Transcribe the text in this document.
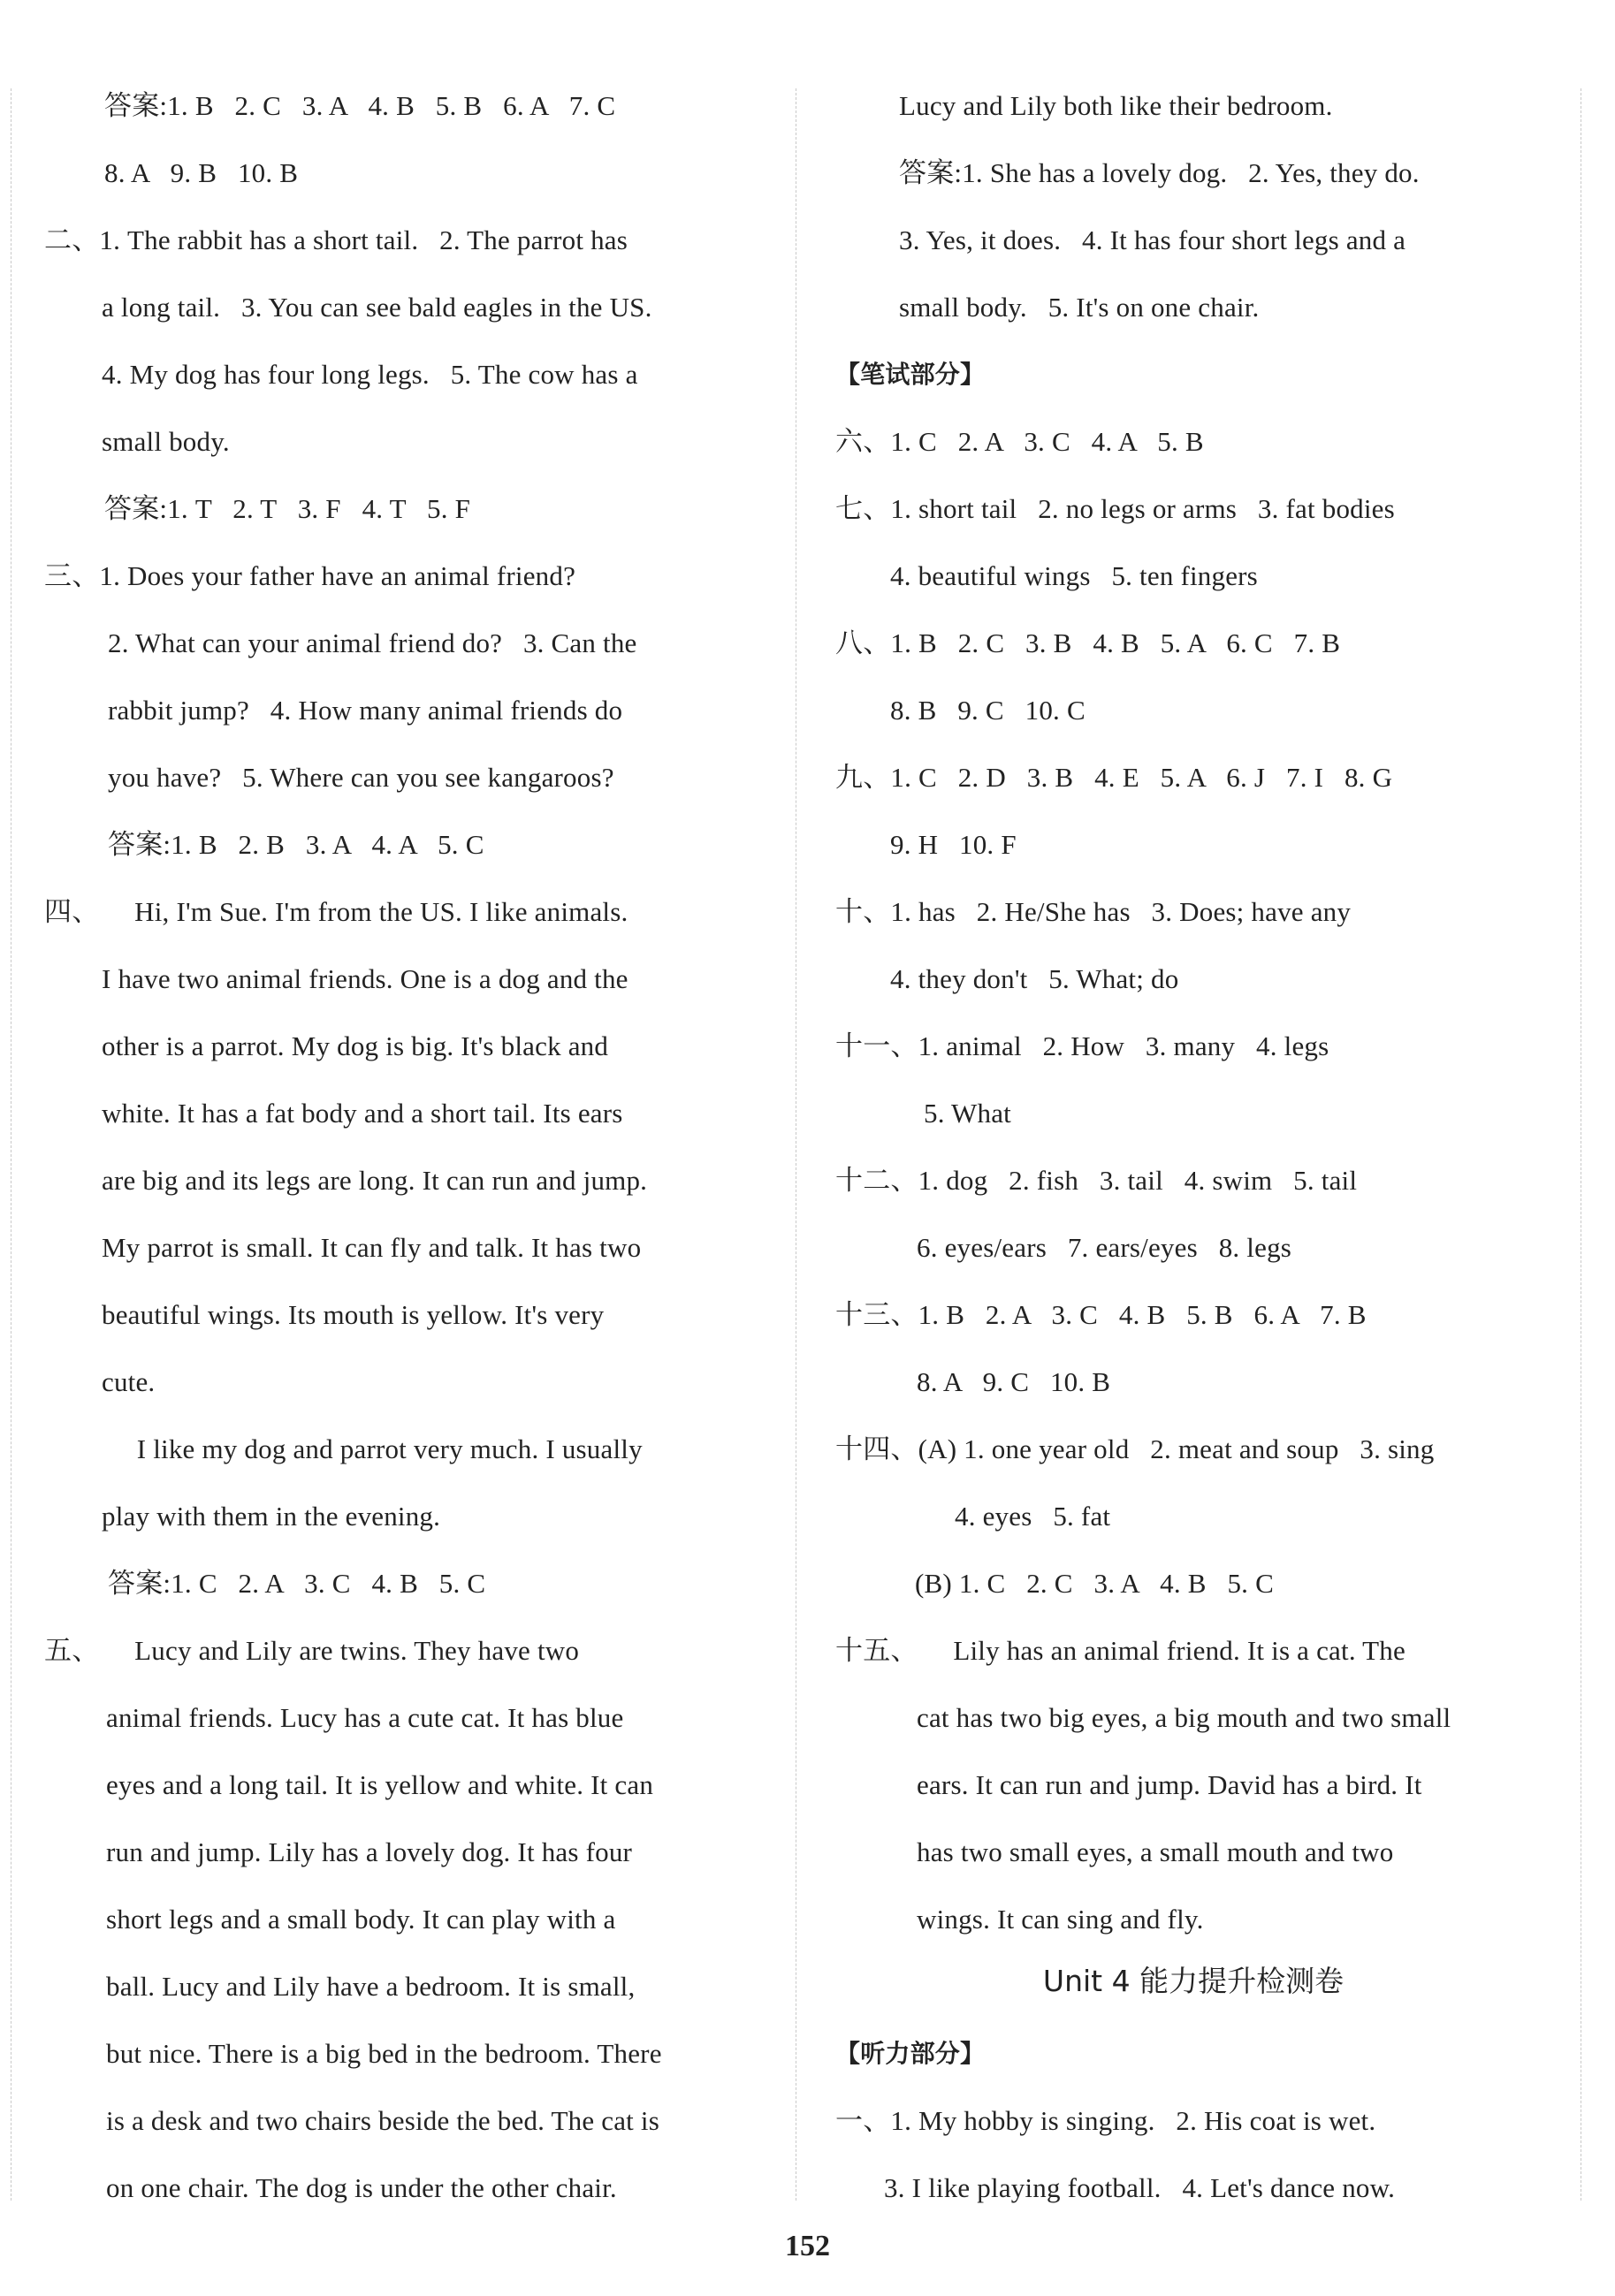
答案:1. B   2. C   3. A   4. B   5. B   6. A   7. C
8. A   9. B   10. B
二、1. The rabbit has a short tail.   2. The parrot has
a long tail.   3. You can see bald eagles in the US.
4. My dog has four long legs.   5. The cow has a
small body.
答案:1. T   2. T   3. F   4. T   5. F
三、1. Does your father have an animal friend?
2. What can your animal friend do?   3. Can the
rabbit jump?   4. How many animal friends do
you have?   5. Where can you see kangaroos?
答案:1. B   2. B   3. A   4. A   5. C
四、     Hi, I'm Sue. I'm from the US. I like animals.
I have two animal friends. One is a dog and the
other is a parrot. My dog is big. It's black and
white. It has a fat body and a short tail. Its ears
are big and its legs are long. It can run and jump.
My parrot is small. It can fly and talk. It has two
beautiful wings. Its mouth is yellow. It's very
cute.
I like my dog and parrot very much. I usually
play with them in the evening.
答案:1. C   2. A   3. C   4. B   5. C
五、     Lucy and Lily are twins. They have two
animal friends. Lucy has a cute cat. It has blue
eyes and a long tail. It is yellow and white. It can
run and jump. Lily has a lovely dog. It has four
short legs and a small body. It can play with a
ball. Lucy and Lily have a bedroom. It is small,
but nice. There is a big bed in the bedroom. There
is a desk and two chairs beside the bed. The cat is
on one chair. The dog is under the other chair.
Lucy and Lily both like their bedroom.
答案:1. She has a lovely dog.   2. Yes, they do.
3. Yes, it does.   4. It has four short legs and a
small body.   5. It's on one chair.
【笔试部分】
六、1. C   2. A   3. C   4. A   5. B
七、1. short tail   2. no legs or arms   3. fat bodies
4. beautiful wings   5. ten fingers
八、1. B   2. C   3. B   4. B   5. A   6. C   7. B
8. B   9. C   10. C
九、1. C   2. D   3. B   4. E   5. A   6. J   7. I   8. G
9. H   10. F
十、1. has   2. He/She has   3. Does; have any
4. they don't   5. What; do
十一、1. animal   2. How   3. many   4. legs
5. What
十二、1. dog   2. fish   3. tail   4. swim   5. tail
6. eyes/ears   7. ears/eyes   8. legs
十三、1. B   2. A   3. C   4. B   5. B   6. A   7. B
8. A   9. C   10. B
十四、(A) 1. one year old   2. meat and soup   3. sing
4. eyes   5. fat
(B) 1. C   2. C   3. A   4. B   5. C
十五、     Lily has an animal friend. It is a cat. The
cat has two big eyes, a big mouth and two small
ears. It can run and jump. David has a bird. It
has two small eyes, a small mouth and two
wings. It can sing and fly.
【听力部分】
一、1. My hobby is singing.   2. His coat is wet.
3. I like playing football.   4. Let's dance now.
Unit 4 能力提升检测卷
152
